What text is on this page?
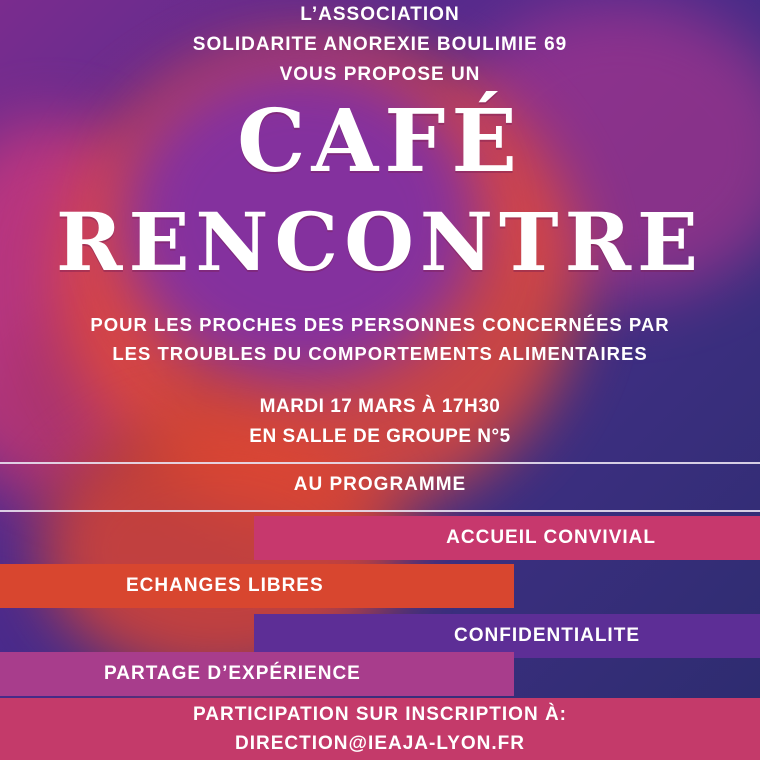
L’ASSOCIATION
SOLIDARITE ANOREXIE BOULIMIE 69
VOUS PROPOSE UN
CAFÉ
RENCONTRE
POUR LES PROCHES DES PERSONNES CONCERNÉES PAR
LES TROUBLES DU COMPORTEMENTS ALIMENTAIRES
MARDI 17 MARS À 17H30
EN SALLE DE GROUPE N°5
AU PROGRAMME
ACCUEIL CONVIVIAL
ECHANGES LIBRES
CONFIDENTIALITE
PARTAGE D’EXPÉRIENCE
PARTICIPATION SUR INSCRIPTION À:
DIRECTION@IEAJA-LYON.FR
